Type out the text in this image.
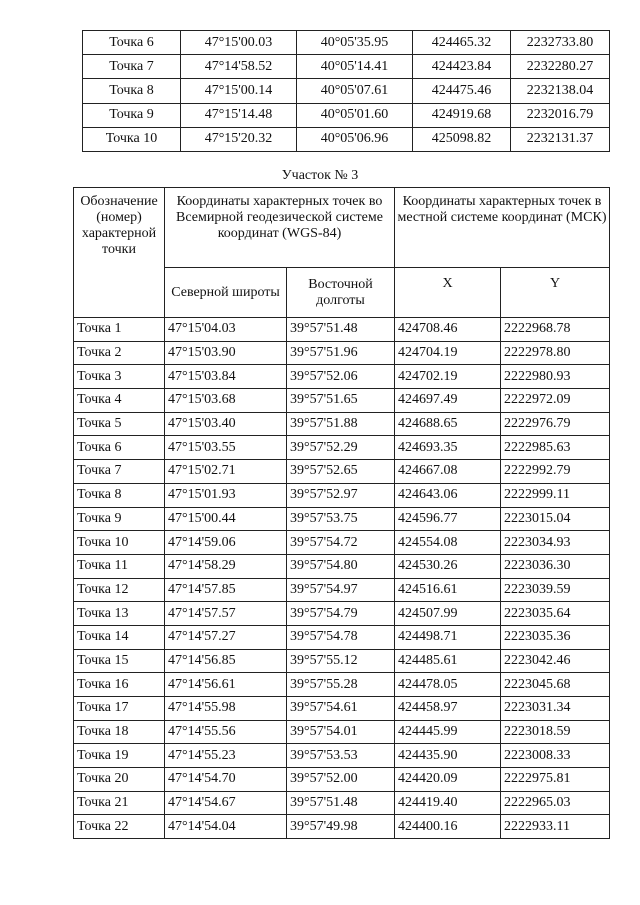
Точка 6	47°15'00.03	40°05'35.95	424465.32	2232733.80
Точка 7	47°14'58.52	40°05'14.41	424423.84	2232280.27
Точка 8	47°15'00.14	40°05'07.61	424475.46	2232138.04
Точка 9	47°15'14.48	40°05'01.60	424919.68	2232016.79
Точка 10	47°15'20.32	40°05'06.96	425098.82	2232131.37
Участок № 3
Обозначение (номер) характерной точки	Координаты характерных точек во Всемирной геодезической системе координат (WGS-84)		Координаты характерных точек в местной системе координат (МСК)	
	Северной широты	Восточной долготы	X	Y
Точка 1	47°15'04.03	39°57'51.48	424708.46	2222968.78
Точка 2	47°15'03.90	39°57'51.96	424704.19	2222978.80
Точка 3	47°15'03.84	39°57'52.06	424702.19	2222980.93
Точка 4	47°15'03.68	39°57'51.65	424697.49	2222972.09
Точка 5	47°15'03.40	39°57'51.88	424688.65	2222976.79
Точка 6	47°15'03.55	39°57'52.29	424693.35	2222985.63
Точка 7	47°15'02.71	39°57'52.65	424667.08	2222992.79
Точка 8	47°15'01.93	39°57'52.97	424643.06	2222999.11
Точка 9	47°15'00.44	39°57'53.75	424596.77	2223015.04
Точка 10	47°14'59.06	39°57'54.72	424554.08	2223034.93
Точка 11	47°14'58.29	39°57'54.80	424530.26	2223036.30
Точка 12	47°14'57.85	39°57'54.97	424516.61	2223039.59
Точка 13	47°14'57.57	39°57'54.79	424507.99	2223035.64
Точка 14	47°14'57.27	39°57'54.78	424498.71	2223035.36
Точка 15	47°14'56.85	39°57'55.12	424485.61	2223042.46
Точка 16	47°14'56.61	39°57'55.28	424478.05	2223045.68
Точка 17	47°14'55.98	39°57'54.61	424458.97	2223031.34
Точка 18	47°14'55.56	39°57'54.01	424445.99	2223018.59
Точка 19	47°14'55.23	39°57'53.53	424435.90	2223008.33
Точка 20	47°14'54.70	39°57'52.00	424420.09	2222975.81
Точка 21	47°14'54.67	39°57'51.48	424419.40	2222965.03
Точка 22	47°14'54.04	39°57'49.98	424400.16	2222933.11
